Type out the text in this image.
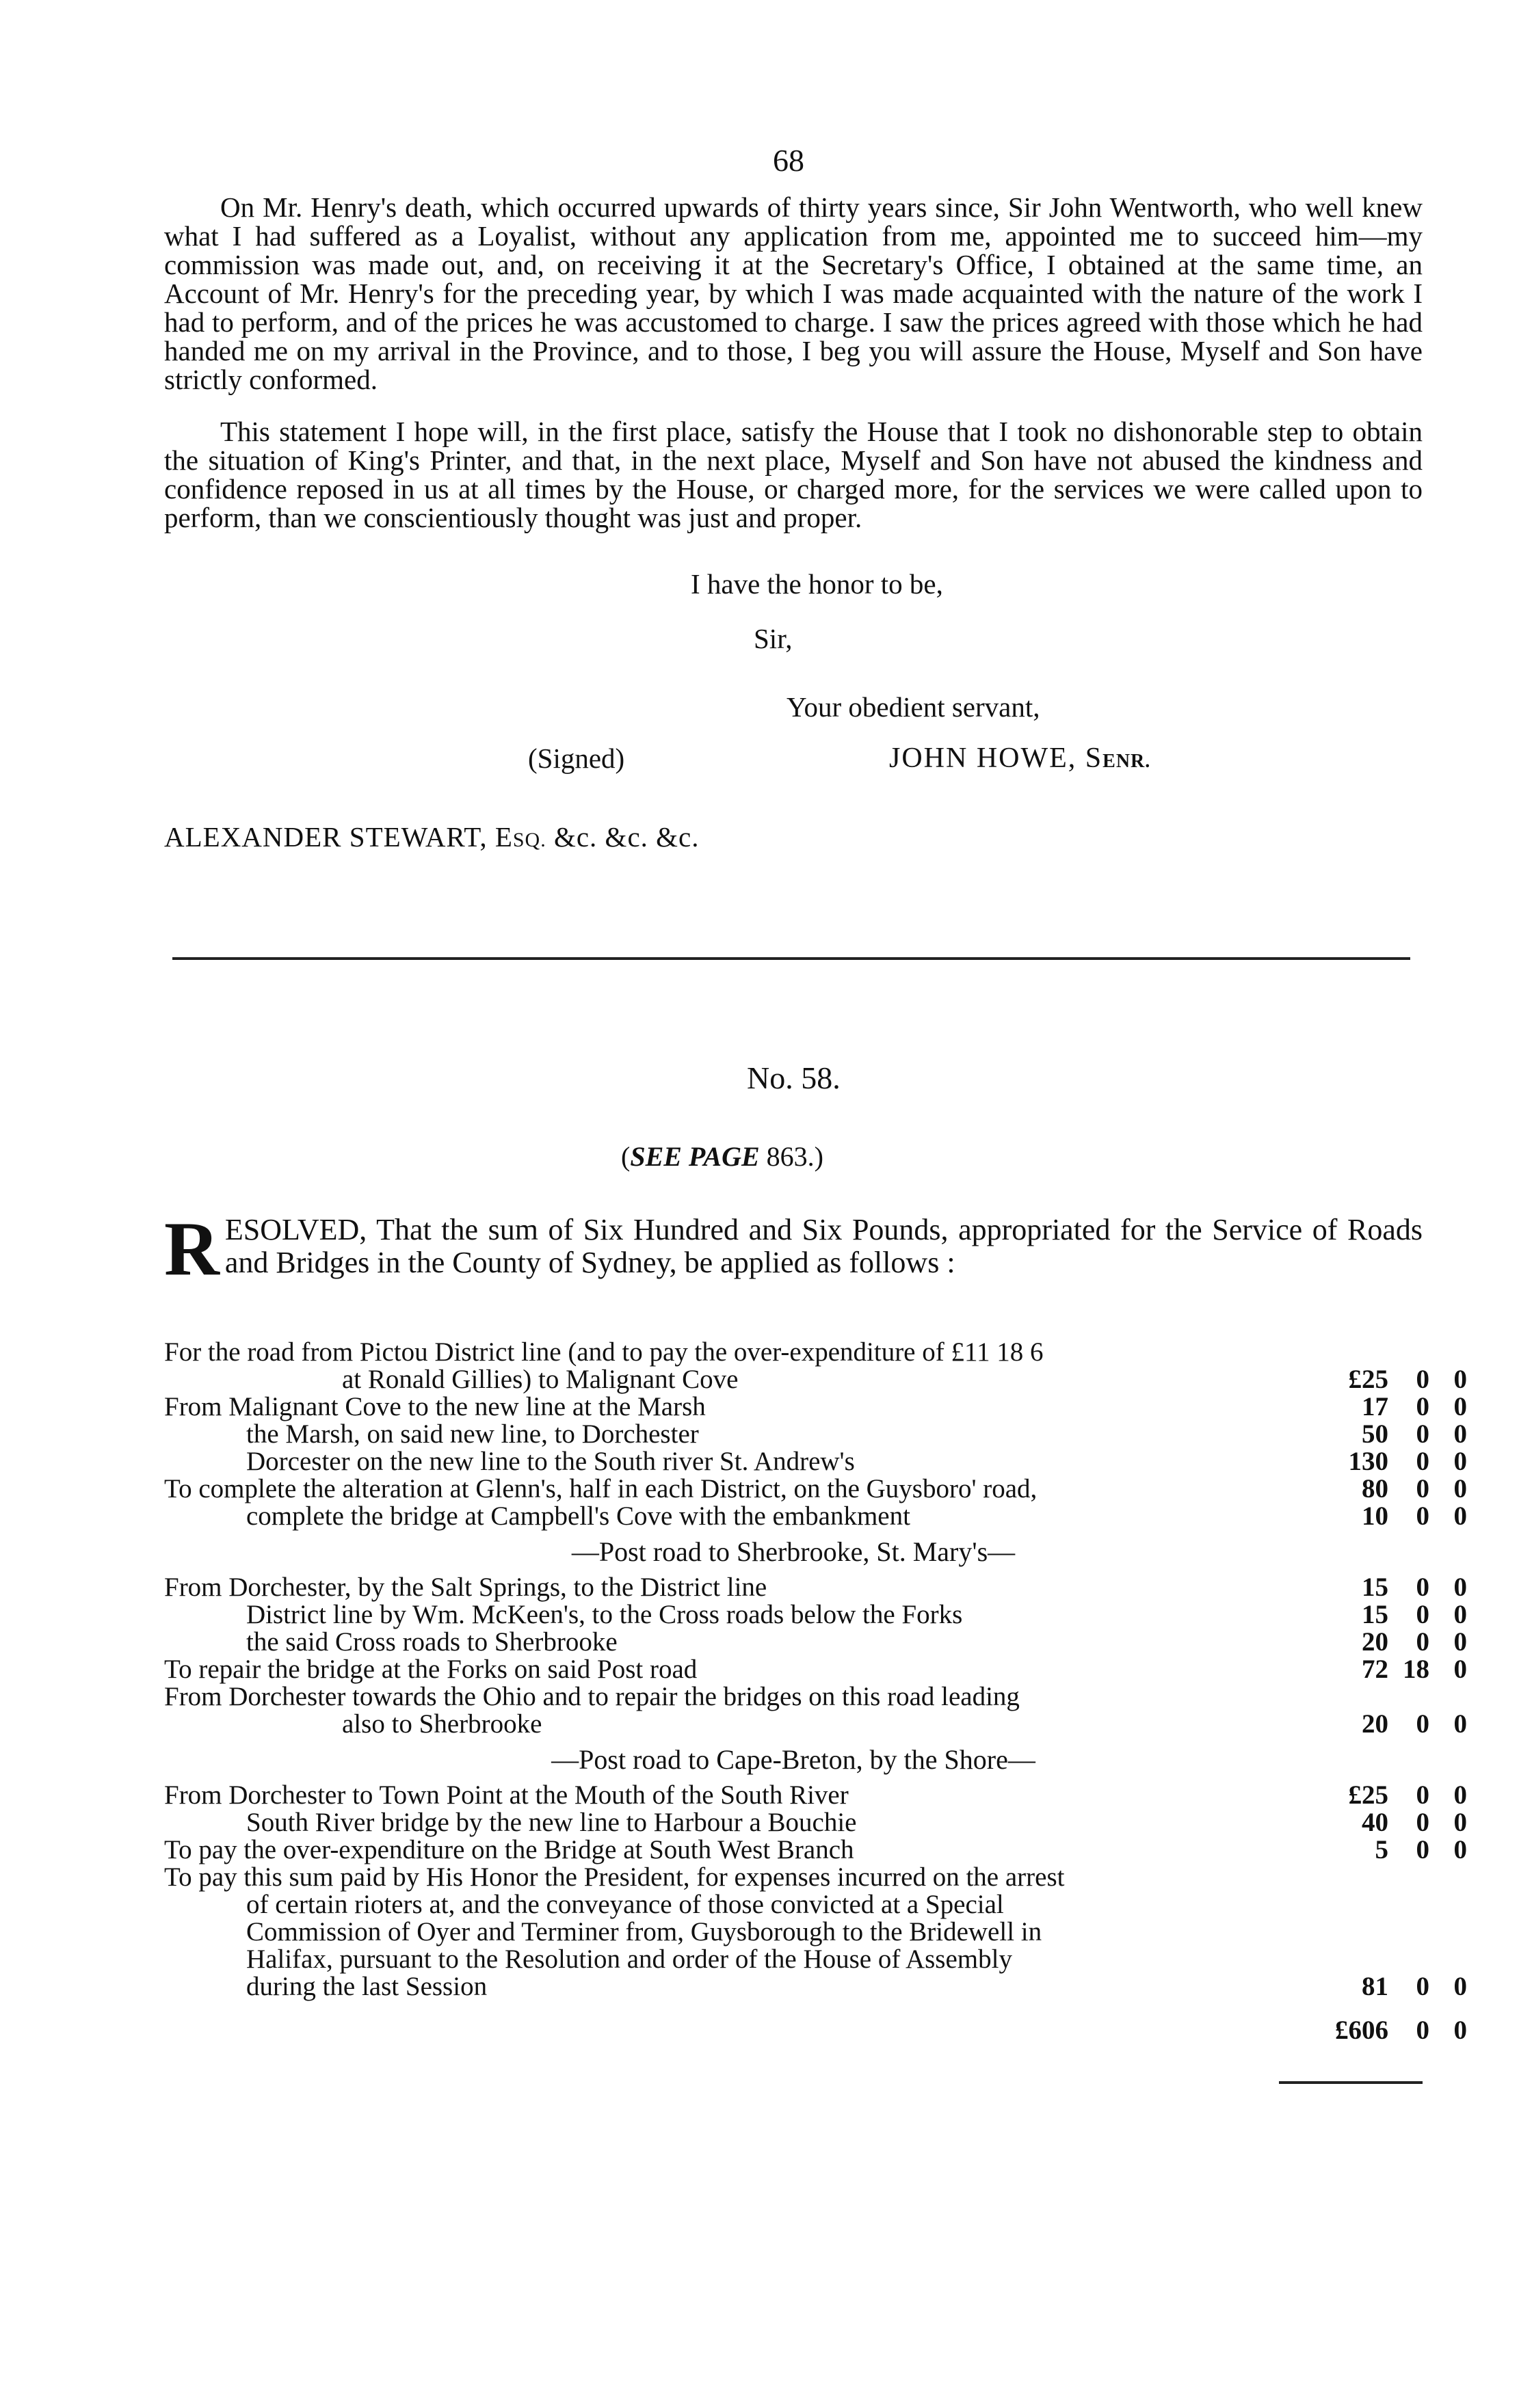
68
On Mr. Henry's death, which occurred upwards of thirty years since, Sir John Wentworth, who well knew what I had suffered as a Loyalist, without any application from me, appointed me to succeed him—my commission was made out, and, on receiving it at the Secretary's Office, I obtained at the same time, an Account of Mr. Henry's for the preceding year, by which I was made acquainted with the nature of the work I had to perform, and of the prices he was accustomed to charge. I saw the prices agreed with those which he had handed me on my arrival in the Province, and to those, I beg you will assure the House, Myself and Son have strictly conformed.
This statement I hope will, in the first place, satisfy the House that I took no dishonorable step to obtain the situation of King's Printer, and that, in the next place, Myself and Son have not abused the kindness and confidence reposed in us at all times by the House, or charged more, for the services we were called upon to perform, than we conscientiously thought was just and proper.
I have the honor to be,
Sir,
Your obedient servant,
(Signed)	JOHN HOWE, SENR.
ALEXANDER STEWART, ESQ. &c. &c. &c.
No. 58.
(SEE PAGE 863.)
RESOLVED, That the sum of Six Hundred and Six Pounds, appropriated for the Service of Roads and Bridges in the County of Sydney, be applied as follows :
For the road from Pictou District line (and to pay the over-expenditure of £11 18 6
at Ronald Gillies) to Malignant Cove	£25	0 0
From Malignant Cove to the new line at the Marsh	17	0 0
the Marsh, on said new line, to Dorchester	50	0 0
Dorcester on the new line to the South river St. Andrew's	130	0 0
To complete the alteration at Glenn's, half in each District, on the Guysboro' road,	80	0 0
complete the bridge at Campbell's Cove with the embankment	10	0 0
—Post road to Sherbrooke, St. Mary's—
From Dorchester, by the Salt Springs, to the District line	15	0 0
District line by Wm. McKeen's, to the Cross roads below the Forks	15	0 0
the said Cross roads to Sherbrooke	20	0 0
To repair the bridge at the Forks on said Post road	72 18 0
From Dorchester towards the Ohio and to repair the bridges on this road leading
also to Sherbrooke	20	0 0
—Post road to Cape-Breton, by the Shore—
From Dorchester to Town Point at the Mouth of the South River	£25	0 0
South River bridge by the new line to Harbour a Bouchie	40	0 0
To pay the over-expenditure on the Bridge at South West Branch	5	0 0
To pay this sum paid by His Honor the President, for expenses incurred on the arrest
of certain rioters at, and the conveyance of those convicted at a Special
Commission of Oyer and Terminer from, Guysborough to the Bridewell in
Halifax, pursuant to the Resolution and order of the House of Assembly
during the last Session	81	0 0
£606	0 0
